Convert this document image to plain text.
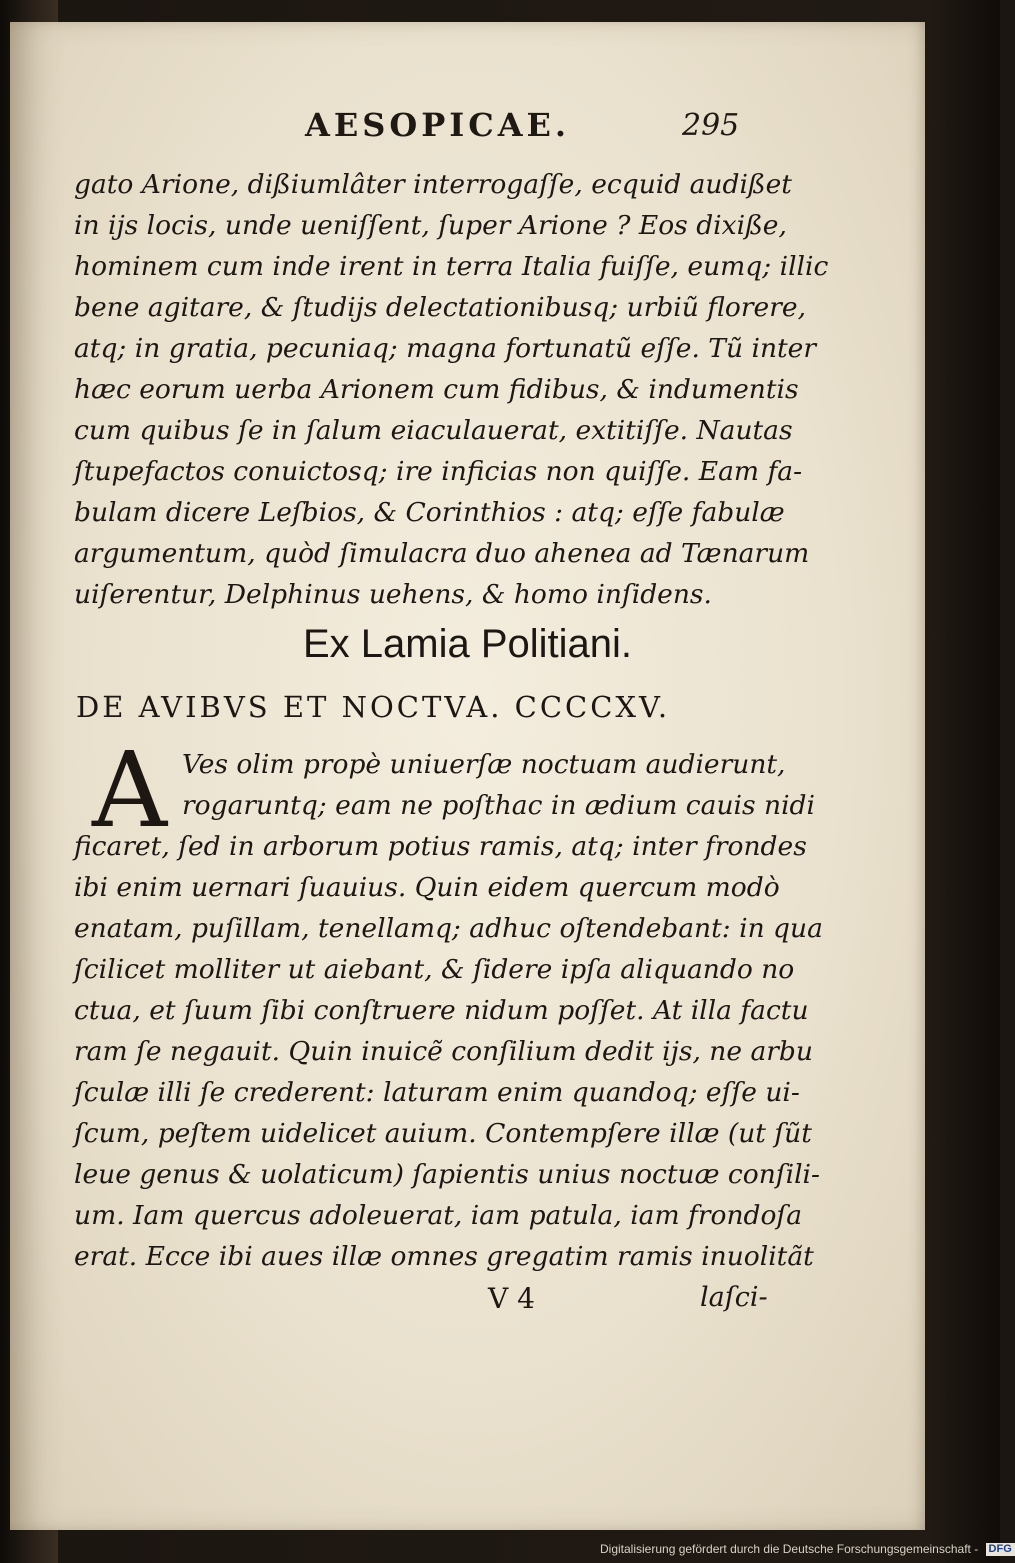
AESOPICAE.	295
gato Arione, dißiumlâter interrogaſſe, ecquid audißet
in ijs locis, unde ueniſſent, ſuper Arione ? Eos dixiße,
hominem cum inde irent in terra Italia fuiſſe, eumq; illic
bene agitare, & ſtudijs delectationibusq; urbiũ florere,
atq; in gratia, pecuniaq; magna fortunatũ eſſe. Tũ inter
hæc eorum uerba Arionem cum fidibus, & indumentis
cum quibus ſe in ſalum eiaculauerat, extitiſſe. Nautas
ſtupefactos conuictosq; ire inficias non quiſſe. Eam fa-
bulam dicere Leſbios, & Corinthios : atq; eſſe fabulæ
argumentum, quòd ſimulacra duo ahenea ad Tænarum
uiſerentur, Delphinus uehens, & homo inſidens.
Ex Lamia Politiani.
DE AVIBVS ET NOCTVA. CCCCXV.
A Ves olim propè uniuerſæ noctuam audierunt,
rogaruntq; eam ne poſthac in ædium cauis nidi
ficaret, ſed in arborum potius ramis, atq; inter frondes
ibi enim uernari ſuauius. Quin eidem quercum modò
enatam, puſillam, tenellamq; adhuc oſtendebant: in qua
ſcilicet molliter ut aiebant, & ſidere ipſa aliquando no
ctua, et ſuum ſibi conſtruere nidum poſſet. At illa factu
ram ſe negauit. Quin inuicẽ conſilium dedit ijs, ne arbu
ſculæ illi ſe crederent: laturam enim quandoq; eſſe ui-
ſcum, peſtem uidelicet auium. Contempſere illæ (ut ſũt
leue genus & uolaticum) ſapientis unius noctuæ conſili-
um. Iam quercus adoleuerat, iam patula, iam frondoſa
erat. Ecce ibi aues illæ omnes gregatim ramis inuolitãt
V 4	laſci-
Digitalisierung gefördert durch die Deutsche Forschungsgemeinschaft - DFG
